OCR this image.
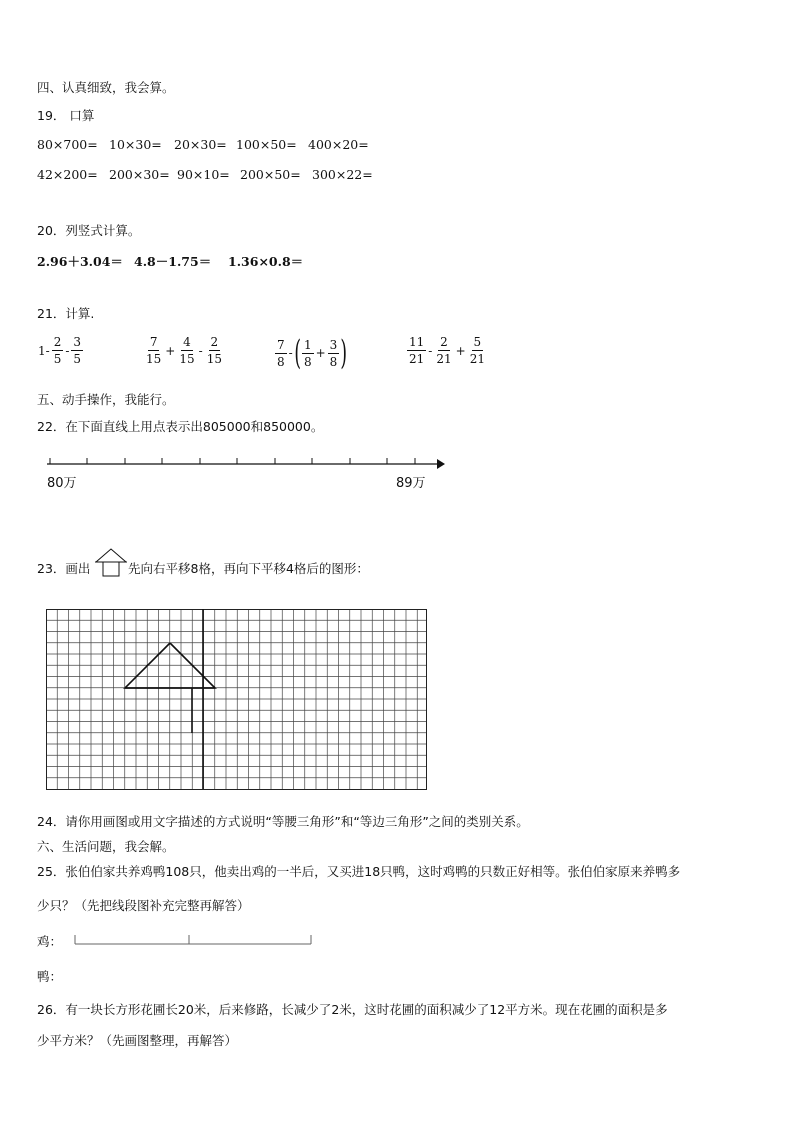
四、认真细致，我会算。
19． 口算
80×700= 10×30= 20×30= 100×50= 400×20=
42×200= 200×30= 90×10= 200×50= 300×22=
20．列竖式计算。
2.96＋3.04＝ 4.8－1.75＝ 1.36×0.8＝
21．计算.
$1- \frac{2}{5} - \frac{3}{5}$	$\frac{7}{15} + \frac{4}{15} - \frac{2}{15}$	$\frac{7}{8}$ - ( $\frac{1}{8} + \frac{3}{8}$ )	$\frac{11}{21} - \frac{2}{21} + \frac{5}{21}$
五、动手操作，我能行。
22．在下面直线上用点表示出805000和850000。
80万	89万
23．画出	先向右平移8格，再向下平移4格后的图形：
24．请你用画图或用文字描述的方式说明“等腰三角形”和“等边三角形”之间的类别关系。
六、生活问题，我会解。
25．张伯伯家共养鸡鸭108只，他卖出鸡的一半后，又买进18只鸭，这时鸡鸭的只数正好相等。张伯伯家原来养鸭多
少只？（先把线段图补充完整再解答）
鸡：
鸭：
26．有一块长方形花圃长20米，后来修路，长减少了2米，这时花圃的面积减少了12平方米。现在花圃的面积是多
少平方米？（先画图整理，再解答）
